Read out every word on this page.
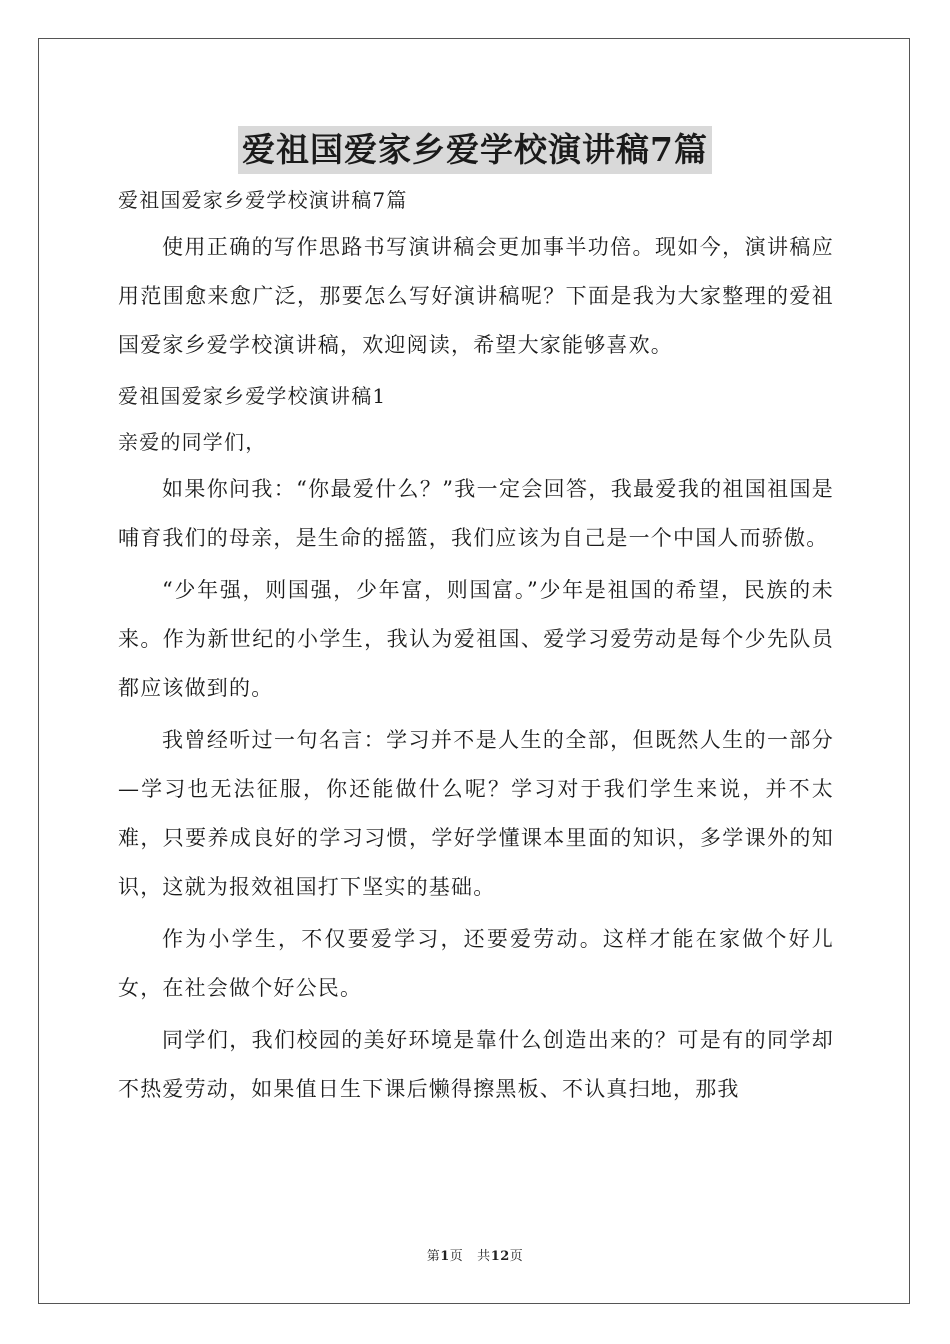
爱祖国爱家乡爱学校演讲稿7篇

爱祖国爱家乡爱学校演讲稿7篇

使用正确的写作思路书写演讲稿会更加事半功倍。现如今，演讲稿应用范围愈来愈广泛，那要怎么写好演讲稿呢？下面是我为大家整理的爱祖国爱家乡爱学校演讲稿，欢迎阅读，希望大家能够喜欢。

爱祖国爱家乡爱学校演讲稿1

亲爱的同学们，

如果你问我：“你最爱什么？”我一定会回答，我最爱我的祖国祖国是哺育我们的母亲，是生命的摇篮，我们应该为自己是一个中国人而骄傲。

“少年强，则国强，少年富，则国富。”少年是祖国的希望，民族的未来。作为新世纪的小学生，我认为爱祖国、爱学习爱劳动是每个少先队员都应该做到的。

我曾经听过一句名言：学习并不是人生的全部，但既然人生的一部分—学习也无法征服，你还能做什么呢？学习对于我们学生来说，并不太难，只要养成良好的学习习惯，学好学懂课本里面的知识，多学课外的知识，这就为报效祖国打下坚实的基础。

作为小学生，不仅要爱学习，还要爱劳动。这样才能在家做个好儿女，在社会做个好公民。

同学们，我们校园的美好环境是靠什么创造出来的？可是有的同学却不热爱劳动，如果值日生下课后懒得擦黑板、不认真扫地，那我

第1页 共12页
